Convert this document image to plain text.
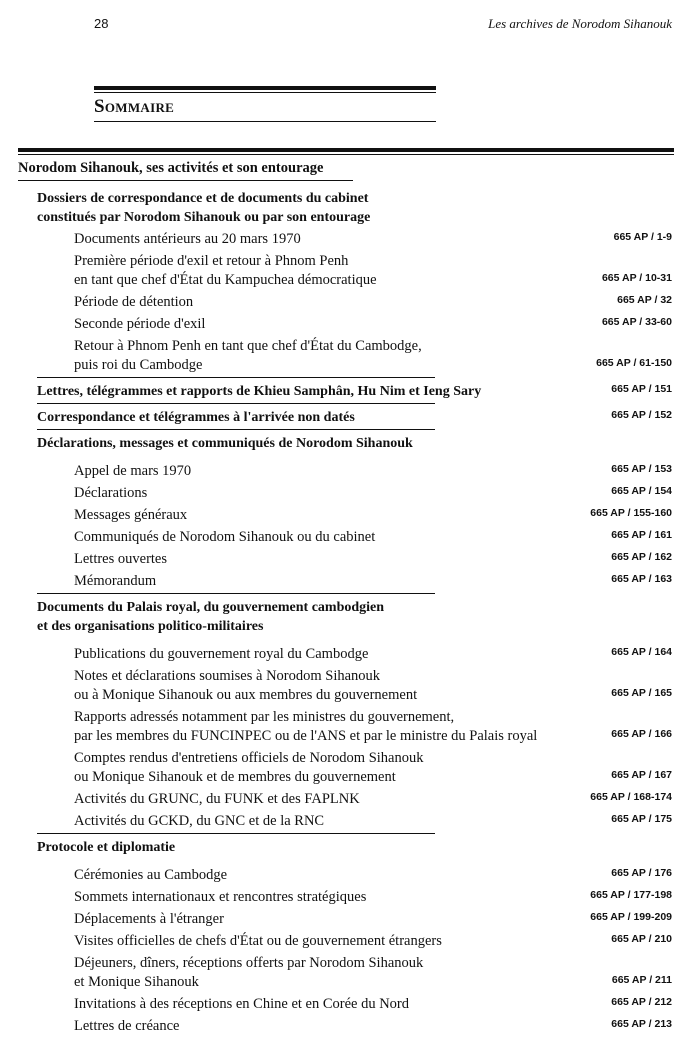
28	Les archives de Norodom Sihanouk
Sommaire
Norodom Sihanouk, ses activités et son entourage
Dossiers de correspondance et de documents du cabinet
constitués par Norodom Sihanouk ou par son entourage
Documents antérieurs au 20 mars 1970	665 AP / 1-9
Première période d'exil et retour à Phnom Penh
en tant que chef d'État du Kampuchea démocratique	665 AP / 10-31
Période de détention	665 AP / 32
Seconde période d'exil	665 AP / 33-60
Retour à Phnom Penh en tant que chef d'État du Cambodge,
puis roi du Cambodge	665 AP / 61-150
Lettres, télégrammes et rapports de Khieu Samphân, Hu Nim et Ieng Sary	665 AP / 151
Correspondance et télégrammes à l'arrivée non datés	665 AP / 152
Déclarations, messages et communiqués de Norodom Sihanouk
Appel de mars 1970	665 AP / 153
Déclarations	665 AP / 154
Messages généraux	665 AP / 155-160
Communiqués de Norodom Sihanouk ou du cabinet	665 AP / 161
Lettres ouvertes	665 AP / 162
Mémorandum	665 AP / 163
Documents du Palais royal, du gouvernement cambodgien
et des organisations politico-militaires
Publications du gouvernement royal du Cambodge	665 AP / 164
Notes et déclarations soumises à Norodom Sihanouk
ou à Monique Sihanouk ou aux membres du gouvernement	665 AP / 165
Rapports adressés notamment par les ministres du gouvernement,
par les membres du FUNCINPEC ou de l'ANS et par le ministre du Palais royal	665 AP / 166
Comptes rendus d'entretiens officiels de Norodom Sihanouk
ou Monique Sihanouk et de membres du gouvernement	665 AP / 167
Activités du GRUNC, du FUNK et des FAPLNK	665 AP / 168-174
Activités du GCKD, du GNC et de la RNC	665 AP / 175
Protocole et diplomatie
Cérémonies au Cambodge	665 AP / 176
Sommets internationaux et rencontres stratégiques	665 AP / 177-198
Déplacements à l'étranger	665 AP / 199-209
Visites officielles de chefs d'État ou de gouvernement étrangers	665 AP / 210
Déjeuners, dîners, réceptions offerts par Norodom Sihanouk
et Monique Sihanouk	665 AP / 211
Invitations à des réceptions en Chine et en Corée du Nord	665 AP / 212
Lettres de créance	665 AP / 213
